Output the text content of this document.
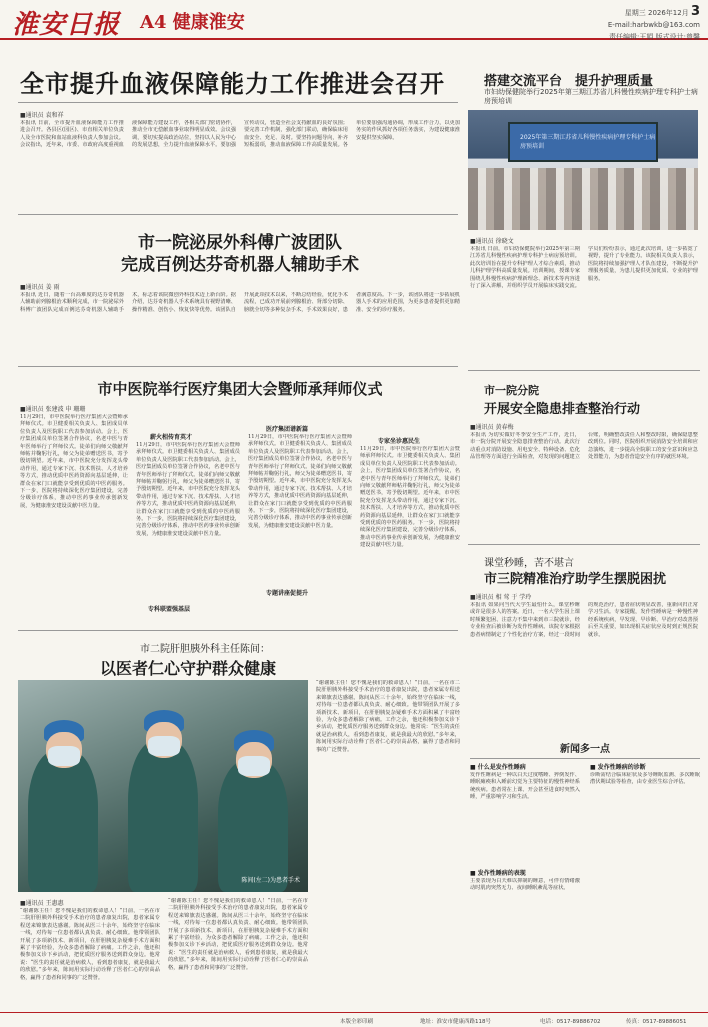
淮安日报 A4 健康淮安	星期三 2026年12月 3
E-mail:harbwkb@163.com
责任编辑:王娟 版式设计:曾馨
全市提升血液保障能力工作推进会召开
■通讯员 袁和祥
本报讯 日前，全市提升血液保障能力工作推进会召开。各县区(园区)、市直相关单位负责人及全市医院和血站血液科负责人参加会议。会议指出，近年来，市委、市政府高度重视血液保障能力建设工作，各相关部门密切协作，推动全市无偿献血事业取得明显成效。会议强调，要切实提高政治站位，坚持以人民为中心的发展思想，全力提升血液保障水平。要加强宣传动员，营造全社会支持献血的良好氛围；要完善工作机制，强化部门联动，确保临床用血安全、充足、及时。要坚持问题导向，补齐短板弱项，推动血液保障工作高质量发展。各单位要加强沟通协调，形成工作合力，以更加务实的作风抓好各项任务落实，为建设健康淮安提供坚实保障。
搭建交流平台　提升护理质量
市妇幼保健院举行2025年第三期江苏省儿科慢性疾病护理专科护士病房预培训
2025年第三期江苏省儿科慢性疾病护理专科护士病房预培训
■通讯员 徐晓文
本报讯 日前，市妇幼保健院举行2025年第三期江苏省儿科慢性疾病护理专科护士病房预培训。此次培训旨在提升专科护理人才综合素质，推动儿科护理学科高质量发展。培训期间，授课专家围绕儿科慢性疾病护理新理念、新技术等内容进行了深入讲解，并组织学员开展临床实践交流。学员们纷纷表示，通过此次培训，进一步拓宽了视野，提升了专业能力。该院相关负责人表示，医院将持续加强护理人才队伍建设，不断提升护理服务质量，为患儿提供更加优质、专业的护理服务。
市一院泌尿外科傅广波团队
完成百例达芬奇机器人辅助手术
■通讯员 姜 雨
本报讯 近日，随着一台高难度的达芬奇机器人辅助前列腺根治术顺利完成，市一院泌尿外科傅广波团队完成百例达芬奇机器人辅助手术，标志着该院微创外科技术迈上新台阶。据介绍，达芬奇机器人手术系统具有视野清晰、操作精准、创伤小、恢复快等优势。该团队自开展此项技术以来，不断总结经验，优化手术流程，已成功开展前列腺根治、肾部分切除、膀胱全切等多种复杂手术，手术效果良好，患者满意度高。下一步，该团队将进一步拓展机器人手术的应用范围，为更多患者提供更加精准、安全的诊疗服务。
市中医院举行医疗集团大会暨师承拜师仪式
■通讯员 张建波 申 珊珊
11月29日，市中医院举行医疗集团大会暨师承拜师仪式。市卫健委相关负责人、集团成员单位负责人及医院职工代表参加活动。会上，医疗集团成员单位签署合作协议，名老中医与青年医师举行了拜师仪式。徒弟们向师父敬献拜师帖并鞠躬行礼，师父为徒弟赠送医书，寄予殷切期望。近年来，市中医院充分发挥龙头带动作用，通过专家下沉、技术帮扶、人才培养等方式，推动优质中医药资源向基层延伸，让群众在家门口就能享受到优质的中医药服务。下一步，医院将持续深化医疗集团建设，完善分级诊疗体系，推动中医药事业传承创新发展，为健康淮安建设贡献中医力量。
薪火相传育英才
11月29日，市中医院举行医疗集团大会暨师承拜师仪式。市卫健委相关负责人、集团成员单位负责人及医院职工代表参加活动。会上，医疗集团成员单位签署合作协议，名老中医与青年医师举行了拜师仪式。徒弟们向师父敬献拜师帖并鞠躬行礼，师父为徒弟赠送医书，寄予殷切期望。近年来，市中医院充分发挥龙头带动作用，通过专家下沉、技术帮扶、人才培养等方式，推动优质中医药资源向基层延伸，让群众在家门口就能享受到优质的中医药服务。下一步，医院将持续深化医疗集团建设，完善分级诊疗体系，推动中医药事业传承创新发展，为健康淮安建设贡献中医力量。
专科联盟强基层
医疗集团谱新篇
11月29日，市中医院举行医疗集团大会暨师承拜师仪式。市卫健委相关负责人、集团成员单位负责人及医院职工代表参加活动。会上，医疗集团成员单位签署合作协议，名老中医与青年医师举行了拜师仪式。徒弟们向师父敬献拜师帖并鞠躬行礼，师父为徒弟赠送医书，寄予殷切期望。近年来，市中医院充分发挥龙头带动作用，通过专家下沉、技术帮扶、人才培养等方式，推动优质中医药资源向基层延伸，让群众在家门口就能享受到优质的中医药服务。下一步，医院将持续深化医疗集团建设，完善分级诊疗体系，推动中医药事业传承创新发展，为健康淮安建设贡献中医力量。
专题讲座促提升
专家坐诊惠民生
11月29日，市中医院举行医疗集团大会暨师承拜师仪式。市卫健委相关负责人、集团成员单位负责人及医院职工代表参加活动。会上，医疗集团成员单位签署合作协议，名老中医与青年医师举行了拜师仪式。徒弟们向师父敬献拜师帖并鞠躬行礼，师父为徒弟赠送医书，寄予殷切期望。近年来，市中医院充分发挥龙头带动作用，通过专家下沉、技术帮扶、人才培养等方式，推动优质中医药资源向基层延伸，让群众在家门口就能享受到优质的中医药服务。下一步，医院将持续深化医疗集团建设，完善分级诊疗体系，推动中医药事业传承创新发展，为健康淮安建设贡献中医力量。
市一院分院
开展安全隐患排查整治行动
■通讯员 黄春梅
本报讯 为切实做好冬季安全生产工作，近日，市一院分院开展安全隐患排查整治行动。此次行动重点对消防设施、用电安全、特种设备、危化品管理等方面进行全面检查，对发现的问题建立台账，明确整改责任人和整改时限，确保隐患整改到位。同时，医院组织开展消防安全培训和应急演练，进一步提高全院职工的安全意识和应急处置能力，为患者营造安全有序的就医环境。
课堂秒睡，苦不堪言
市三院精准治疗助学生摆脱困扰
■通讯员 相 莺 于 学玲
本报讯 如果问当代大学生最怕什么，课堂秒睡或许是很多人的答案。近日，一名大学生因上课时频繁犯困、注意力不集中来到市三院就诊，经专业检查后被诊断为发作性睡病。该院专家根据患者病情制定了个性化治疗方案，经过一段时间的规范治疗，患者症状明显改善，重新回归正常学习生活。专家提醒，发作性睡病是一种慢性神经系统疾病，早发现、早诊断、早治疗对改善预后至关重要，如出现相关症状应及时到正规医院就诊。
市二院肝胆胰外科主任陈间：
以医者仁心守护群众健康
陈间(左二)为患者手术
■通讯员 王惠惠
“谢谢陈主任！您不愧是我们的救命恩人！”日前，一名在市二院肝胆胰外科接受手术治疗的患者康复出院，患者家属专程送来锦旗表达感谢。陈间从医三十余年，始终坚守在临床一线，对待每一位患者都认真负责、耐心细致。他带领团队开展了多项新技术、新项目，在肝胆胰复杂疑难手术方面积累了丰富经验，为众多患者解除了病痛。工作之余，他还积极参加义诊下乡活动，把优质医疗服务送到群众身边。他常说：“医生的责任就是治病救人，看到患者康复，就是我最大的欣慰。”多年来，陈间用实际行动诠释了医者仁心的崇高品格，赢得了患者和同事的广泛赞誉。
“谢谢陈主任！您不愧是我们的救命恩人！”日前，一名在市二院肝胆胰外科接受手术治疗的患者康复出院，患者家属专程送来锦旗表达感谢。陈间从医三十余年，始终坚守在临床一线，对待每一位患者都认真负责、耐心细致。他带领团队开展了多项新技术、新项目，在肝胆胰复杂疑难手术方面积累了丰富经验，为众多患者解除了病痛。工作之余，他还积极参加义诊下乡活动，把优质医疗服务送到群众身边。他常说：“医生的责任就是治病救人，看到患者康复，就是我最大的欣慰。”多年来，陈间用实际行动诠释了医者仁心的崇高品格，赢得了患者和同事的广泛赞誉。
“谢谢陈主任！您不愧是我们的救命恩人！”日前，一名在市二院肝胆胰外科接受手术治疗的患者康复出院，患者家属专程送来锦旗表达感谢。陈间从医三十余年，始终坚守在临床一线，对待每一位患者都认真负责、耐心细致。他带领团队开展了多项新技术、新项目，在肝胆胰复杂疑难手术方面积累了丰富经验，为众多患者解除了病痛。工作之余，他还积极参加义诊下乡活动，把优质医疗服务送到群众身边。他常说：“医生的责任就是治病救人，看到患者康复，就是我最大的欣慰。”多年来，陈间用实际行动诠释了医者仁心的崇高品格，赢得了患者和同事的广泛赞誉。	新闻多一点
■ 什么是发作性睡病
发作性睡病是一种以白天过度嗜睡、猝倒发作、睡眠瘫痪和入睡前幻觉为主要特征的慢性神经系统疾病。患者常在上课、开会甚至进食时突然入睡，严重影响学习和生活。
■ 发作性睡病的表现
主要表现为白天难以抑制的睡意，可伴有情绪激动时肌肉突然无力、夜间睡眠紊乱等症状。
■ 发作性睡病的诊断
诊断需结合临床症状及多导睡眠监测、多次睡眠潜伏期试验等检查，由专业医生综合评估。
本版全彩印刷	地址：淮安市健康西路118号	电话：0517-89886702	传真：0517-89886051
